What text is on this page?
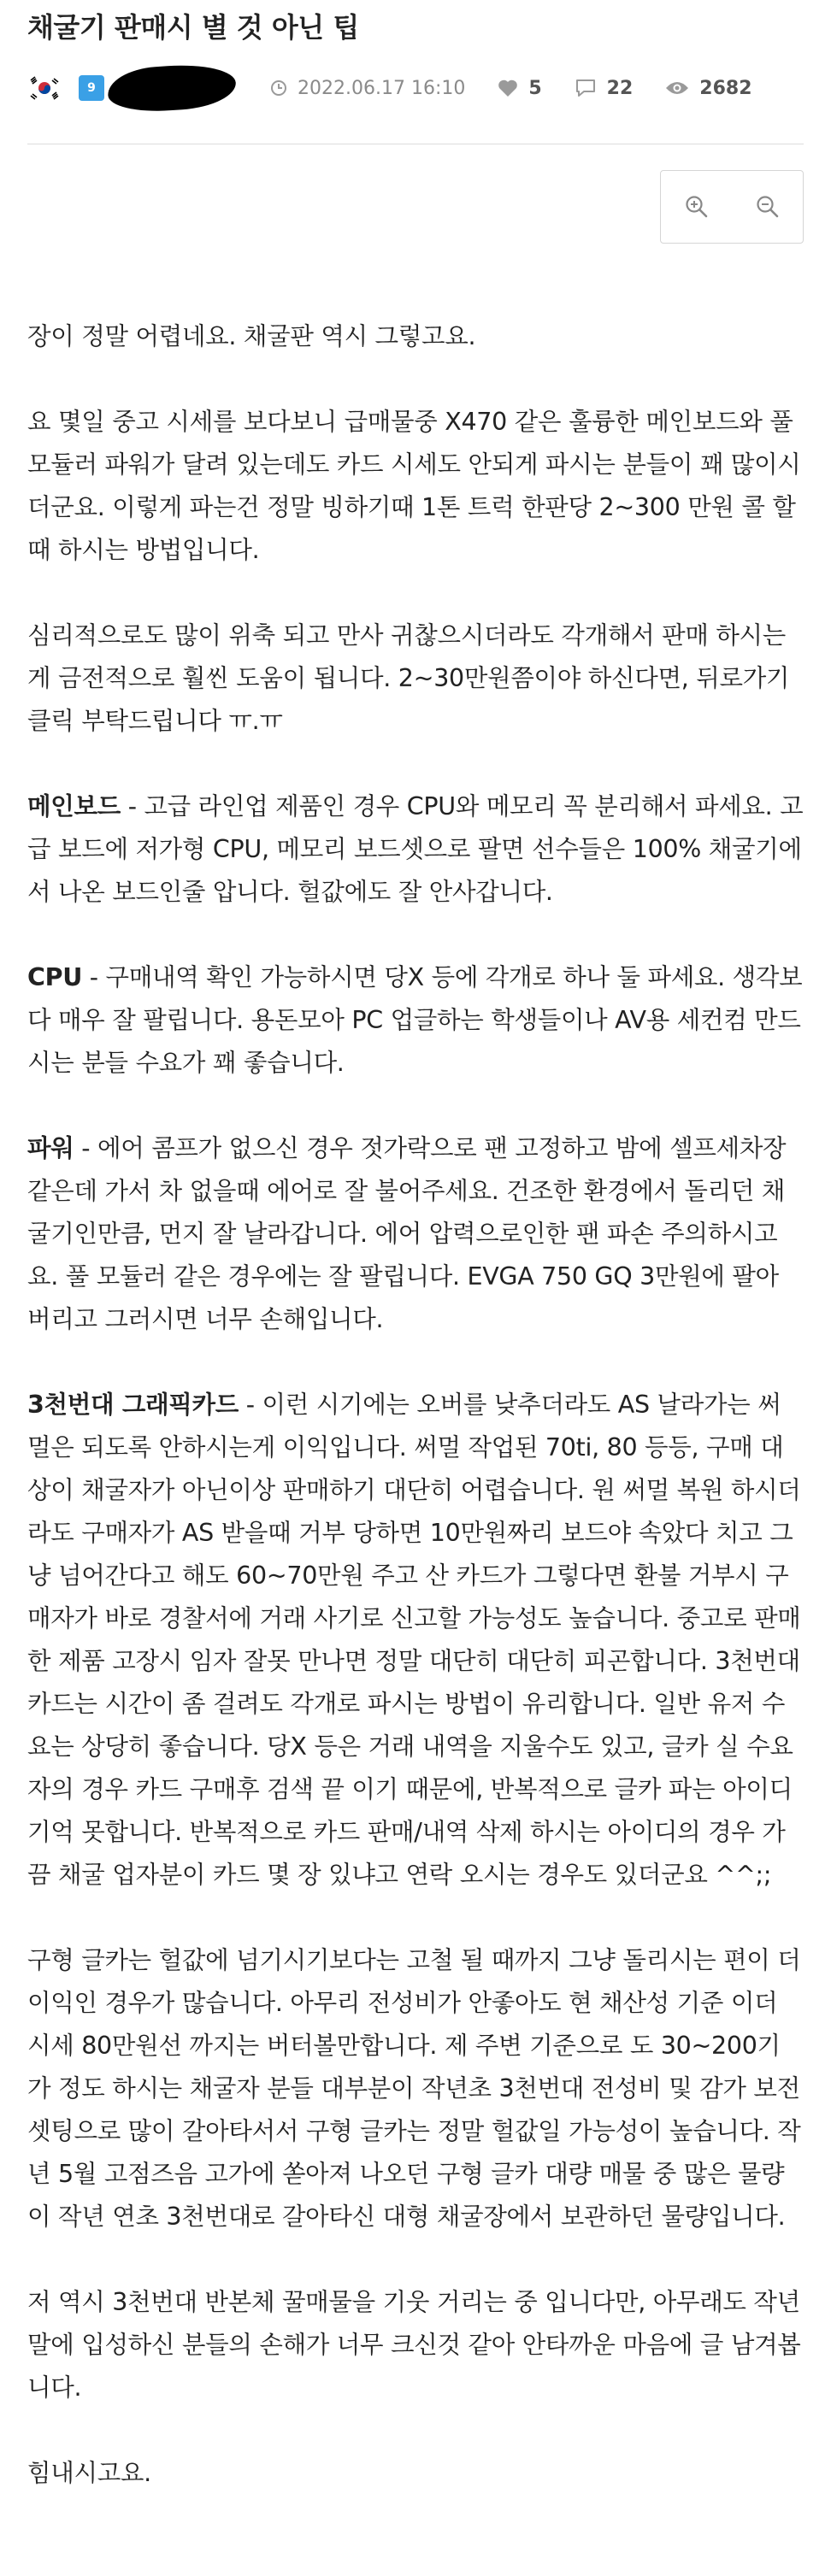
채굴기 판매시 별 것 아닌 팁
9	2022.06.17 16:10	5	22	2682

장이 정말 어렵네요. 채굴판 역시 그렇고요.

요 몇일 중고 시세를 보다보니 급매물중 X470 같은 훌륭한 메인보드와 풀모듈러 파워가 달려 있는데도 카드 시세도 안되게 파시는 분들이 꽤 많이시더군요. 이렇게 파는건 정말 빙하기때 1톤 트럭 한판당 2~300 만원 콜 할때 하시는 방법입니다.

심리적으로도 많이 위축 되고 만사 귀찮으시더라도 각개해서 판매 하시는게 금전적으로 훨씬 도움이 됩니다. 2~30만원쯤이야 하신다면, 뒤로가기 클릭 부탁드립니다 ㅠ.ㅠ

메인보드 - 고급 라인업 제품인 경우 CPU와 메모리 꼭 분리해서 파세요. 고급 보드에 저가형 CPU, 메모리 보드셋으로 팔면 선수들은 100% 채굴기에서 나온 보드인줄 압니다. 헐값에도 잘 안사갑니다.

CPU - 구매내역 확인 가능하시면 당X 등에 각개로 하나 둘 파세요. 생각보다 매우 잘 팔립니다. 용돈모아 PC 업글하는 학생들이나 AV용 세컨컴 만드시는 분들 수요가 꽤 좋습니다.

파워 - 에어 콤프가 없으신 경우 젓가락으로 팬 고정하고 밤에 셀프세차장 같은데 가서 차 없을때 에어로 잘 불어주세요. 건조한 환경에서 돌리던 채굴기인만큼, 먼지 잘 날라갑니다. 에어 압력으로인한 팬 파손 주의하시고요. 풀 모듈러 같은 경우에는 잘 팔립니다. EVGA 750 GQ 3만원에 팔아 버리고 그러시면 너무 손해입니다.

3천번대 그래픽카드 - 이런 시기에는 오버를 낮추더라도 AS 날라가는 써멀은 되도록 안하시는게 이익입니다. 써멀 작업된 70ti, 80 등등, 구매 대상이 채굴자가 아닌이상 판매하기 대단히 어렵습니다. 원 써멀 복원 하시더라도 구매자가 AS 받을때 거부 당하면 10만원짜리 보드야 속았다 치고 그냥 넘어간다고 해도 60~70만원 주고 산 카드가 그렇다면 환불 거부시 구매자가 바로 경찰서에 거래 사기로 신고할 가능성도 높습니다. 중고로 판매한 제품 고장시 임자 잘못 만나면 정말 대단히 대단히 피곤합니다. 3천번대 카드는 시간이 좀 걸려도 각개로 파시는 방법이 유리합니다. 일반 유저 수요는 상당히 좋습니다. 당X 등은 거래 내역을 지울수도 있고, 글카 실 수요자의 경우 카드 구매후 검색 끝 이기 때문에, 반복적으로 글카 파는 아이디 기억 못합니다. 반복적으로 카드 판매/내역 삭제 하시는 아이디의 경우 가끔 채굴 업자분이 카드 몇 장 있냐고 연락 오시는 경우도 있더군요 ^^;;

구형 글카는 헐값에 넘기시기보다는 고철 될 때까지 그냥 돌리시는 편이 더 이익인 경우가 많습니다. 아무리 전성비가 안좋아도 현 채산성 기준 이더 시세 80만원선 까지는 버터볼만합니다. 제 주변 기준으로 도 30~200기가 정도 하시는 채굴자 분들 대부분이 작년초 3천번대 전성비 및 감가 보전 셋팅으로 많이 갈아타서서 구형 글카는 정말 헐값일 가능성이 높습니다. 작년 5월 고점즈음 고가에 쏟아져 나오던 구형 글카 대량 매물 중 많은 물량이 작년 연초 3천번대로 갈아타신 대형 채굴장에서 보관하던 물량입니다.

저 역시 3천번대 반본체 꿀매물을 기웃 거리는 중 입니다만, 아무래도 작년 말에 입성하신 분들의 손해가 너무 크신것 같아 안타까운 마음에 글 남겨봅니다.

힘내시고요.
